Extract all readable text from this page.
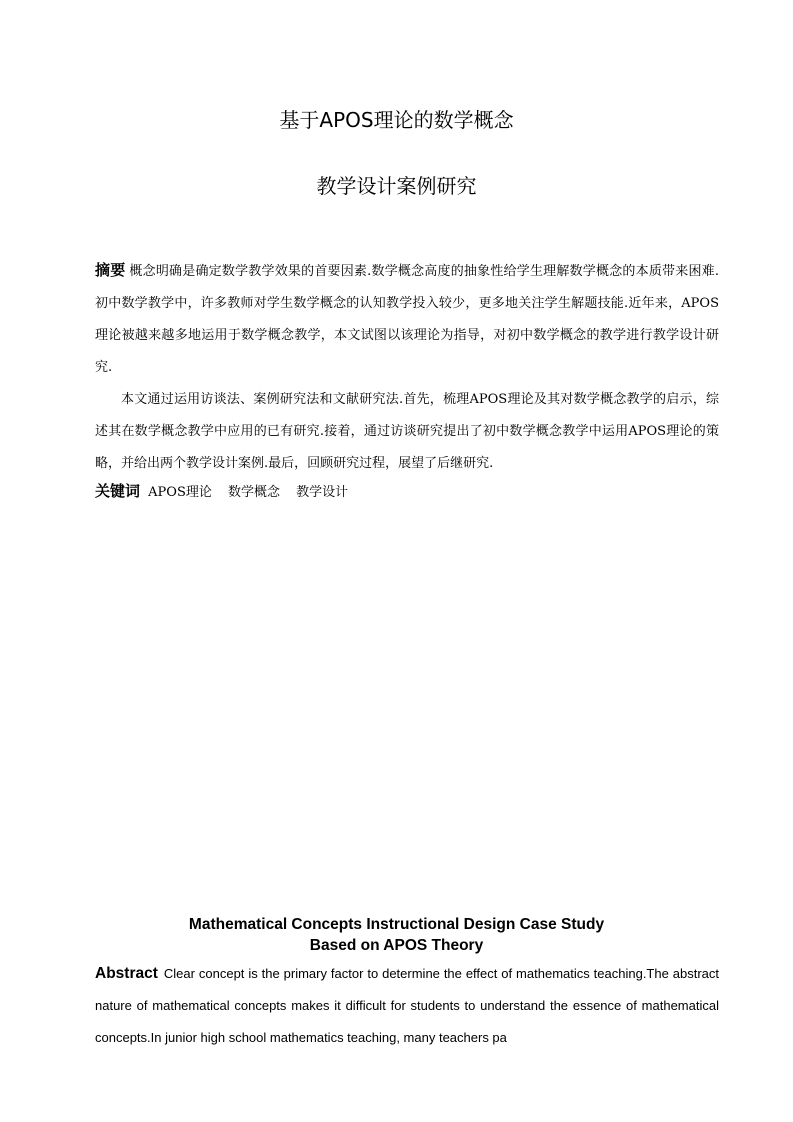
基于APOS理论的数学概念
教学设计案例研究

摘要 概念明确是确定数学教学效果的首要因素.数学概念高度的抽象性给学生理解数学概念的本质带来困难.初中数学教学中，许多教师对学生数学概念的认知教学投入较少，更多地关注学生解题技能.近年来，APOS理论被越来越多地运用于数学概念教学，本文试图以该理论为指导，对初中数学概念的教学进行教学设计研究.

本文通过运用访谈法、案例研究法和文献研究法.首先，梳理APOS理论及其对数学概念教学的启示，综述其在数学概念教学中应用的已有研究.接着，通过访谈研究提出了初中数学概念教学中运用APOS理论的策略，并给出两个教学设计案例.最后，回顾研究过程，展望了后继研究.

关键词 APOS理论 数学概念 教学设计
Mathematical Concepts Instructional Design Case Study
Based on APOS Theory

Abstract Clear concept is the primary factor to determine the effect of mathematics teaching.The abstract nature of mathematical concepts makes it difficult for students to understand the essence of mathematical concepts.In junior high school mathematics teaching, many teachers pa
